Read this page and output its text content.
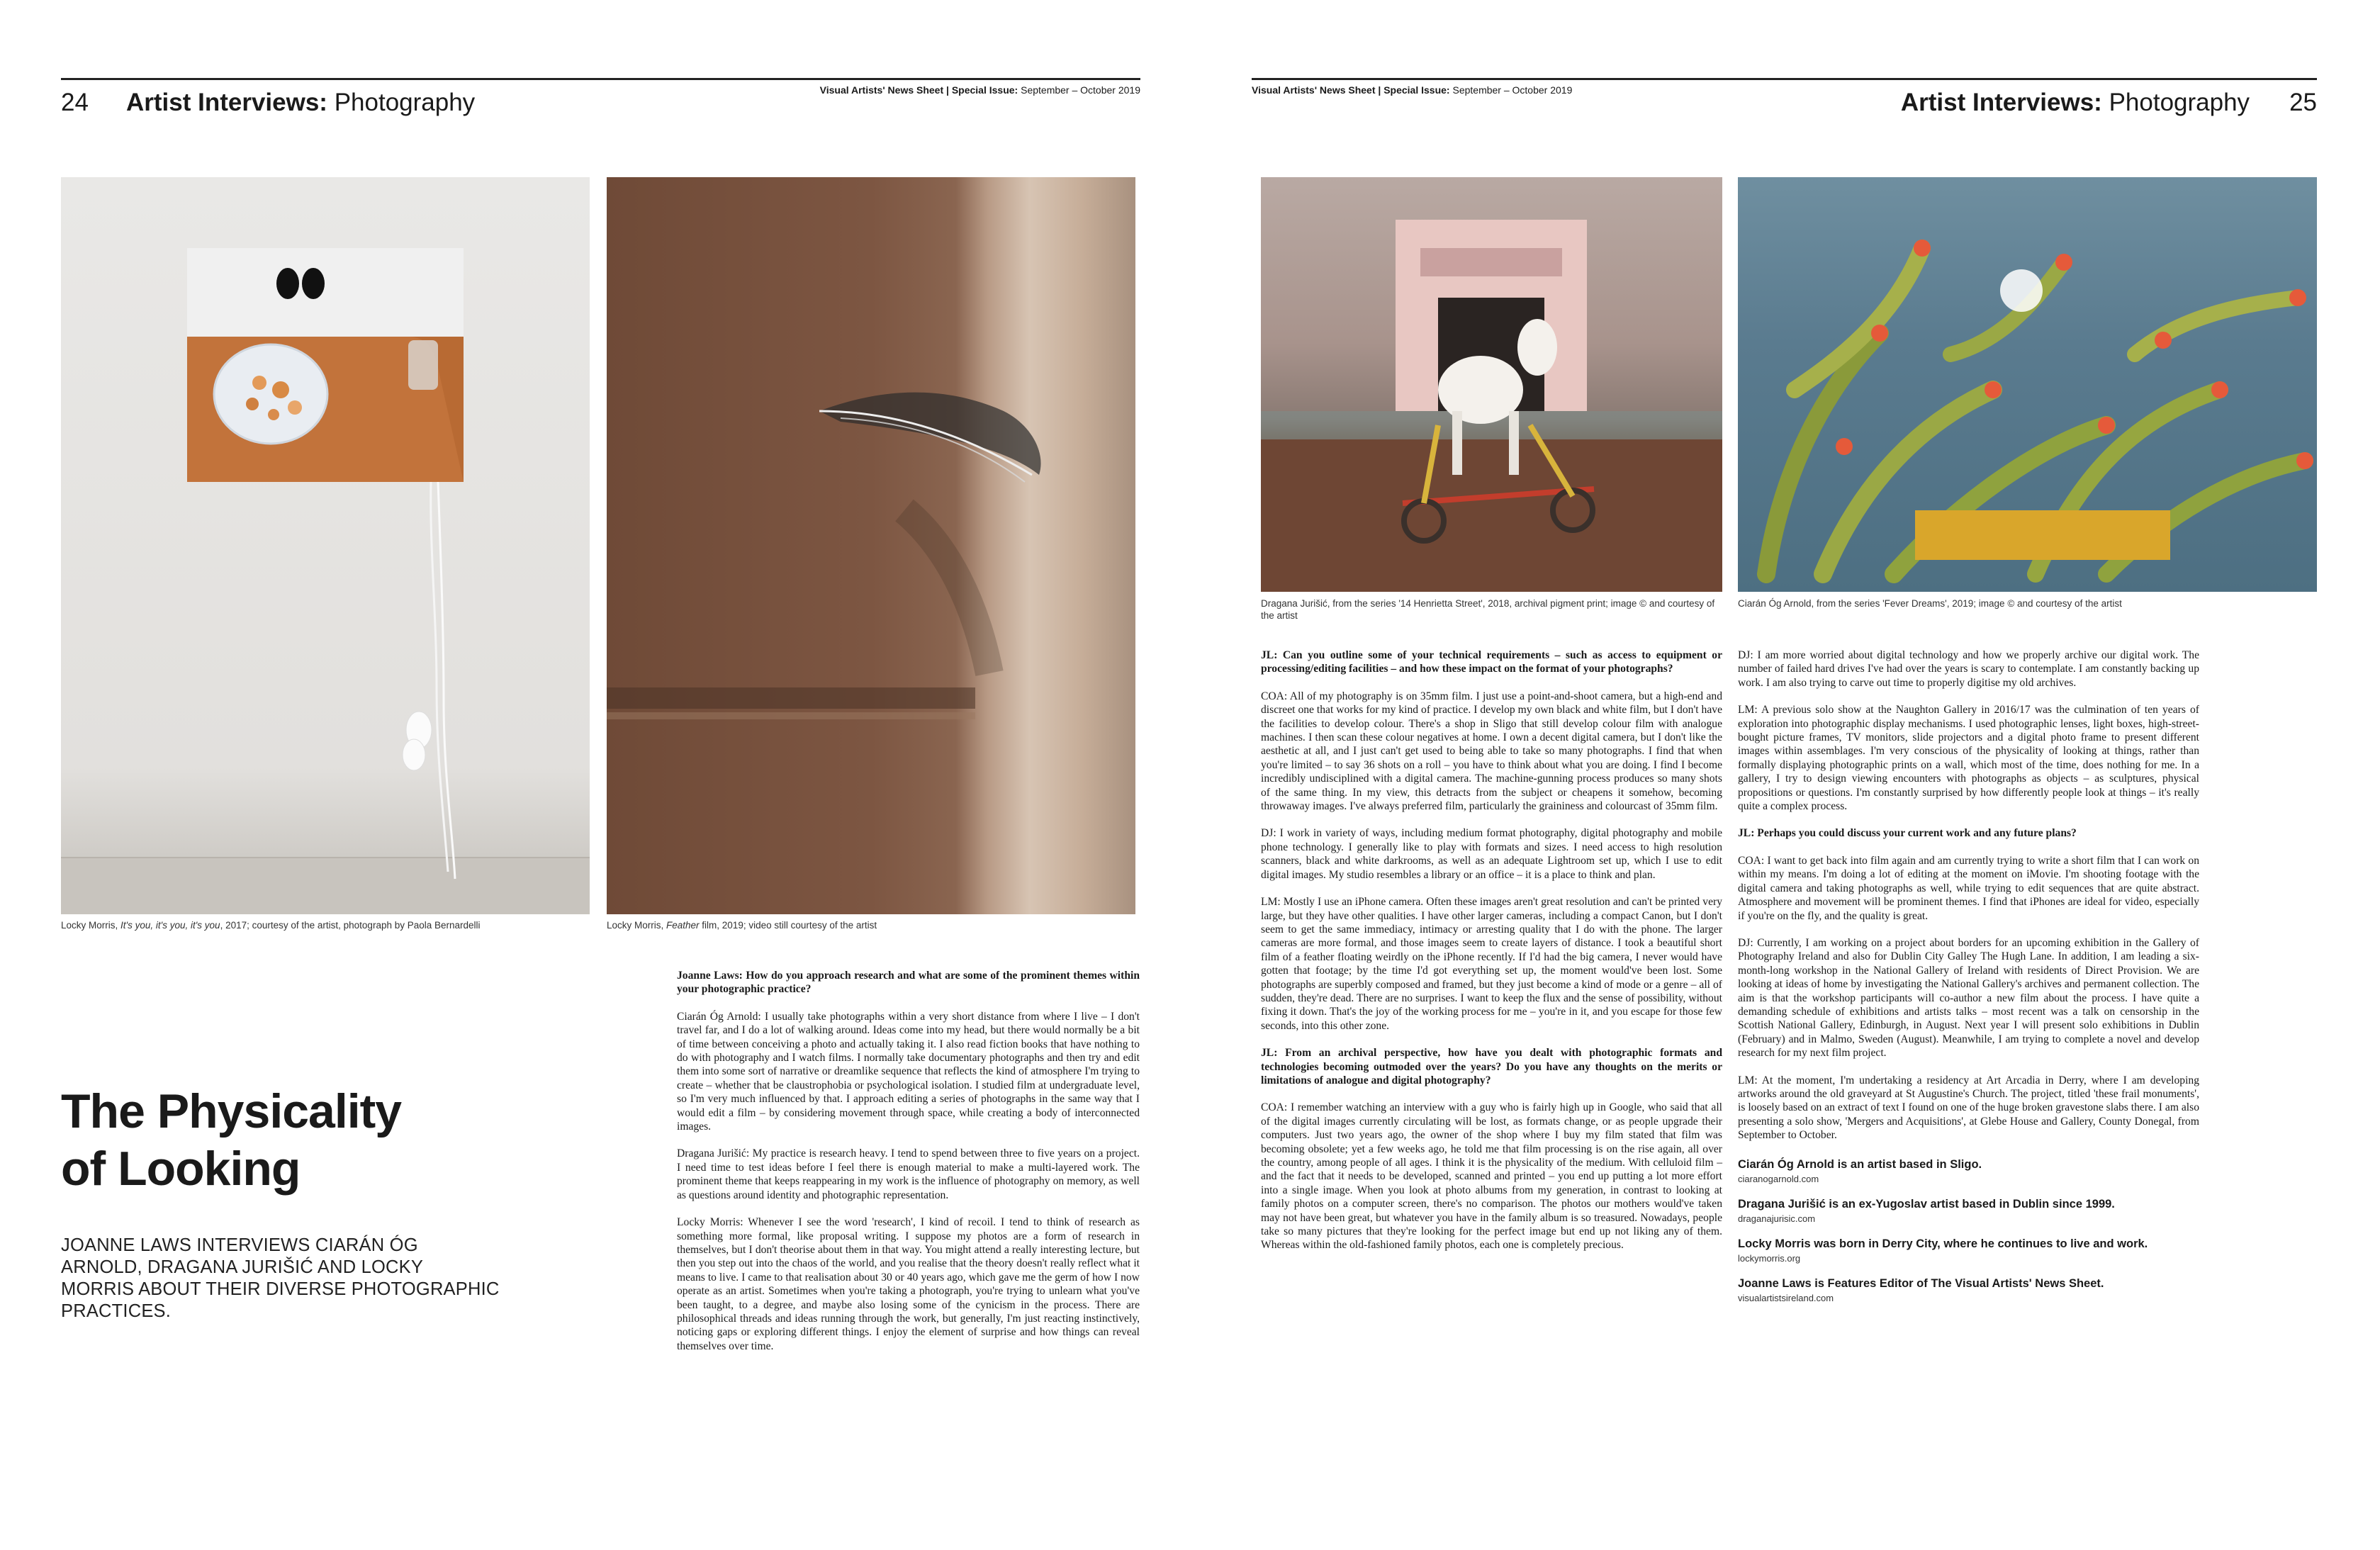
24 Artist Interviews: Photography	Visual Artists' News Sheet | Special Issue: September – October 2019	Visual Artists' News Sheet | Special Issue: September – October 2019	Artist Interviews: Photography 25
Locky Morris, It's you, it's you, it's you, 2017; courtesy of the artist, photograph by Paola Bernardelli	Locky Morris, Feather film, 2019; video still courtesy of the artist
Dragana Jurišić, from the series '14 Henrietta Street', 2018, archival pigment print; image © and courtesy of the artist
Ciarán Óg Arnold, from the series 'Fever Dreams', 2019; image © and courtesy of the artist
The Physicality
of Looking
JOANNE LAWS INTERVIEWS CIARÁN ÓG ARNOLD, DRAGANA JURIŠIĆ AND LOCKY MORRIS ABOUT THEIR DIVERSE PHOTOGRAPHIC PRACTICES.

Joanne Laws: How do you approach research and what are some of the prominent themes within your photographic practice?

Ciarán Óg Arnold: I usually take photographs within a very short distance from where I live – I don't travel far, and I do a lot of walking around. Ideas come into my head, but there would normally be a bit of time between conceiving a photo and actually taking it. I also read fiction books that have nothing to do with photography and I watch films. I normally take documentary photographs and then try and edit them into some sort of narrative or dreamlike sequence that reflects the kind of atmosphere I'm trying to create – whether that be claustrophobia or psychological isolation. I studied film at undergraduate level, so I'm very much influenced by that. I approach editing a series of photographs in the same way that I would edit a film – by considering movement through space, while creating a body of interconnected images.

Dragana Jurišić: My practice is research heavy. I tend to spend between three to five years on a project. I need time to test ideas before I feel there is enough material to make a multi-layered work. The prominent theme that keeps reappearing in my work is the influence of photography on memory, as well as questions around identity and photographic representation.

Locky Morris: Whenever I see the word 'research', I kind of recoil. I tend to think of research as something more formal, like proposal writing. I suppose my photos are a form of research in themselves, but I don't theorise about them in that way. You might attend a really interesting lecture, but then you step out into the chaos of the world, and you realise that the theory doesn't really reflect what it means to live. I came to that realisation about 30 or 40 years ago, which gave me the germ of how I now operate as an artist. Sometimes when you're taking a photograph, you're trying to unlearn what you've been taught, to a degree, and maybe also losing some of the cynicism in the process. There are philosophical threads and ideas running through the work, but generally, I'm just reacting instinctively, noticing gaps or exploring different things. I enjoy the element of surprise and how things can reveal themselves over time.

JL: Can you outline some of your technical requirements – such as access to equipment or processing/editing facilities – and how these impact on the format of your photographs?

COA: All of my photography is on 35mm film. I just use a point-and-shoot camera, but a high-end and discreet one that works for my kind of practice. I develop my own black and white film, but I don't have the facilities to develop colour. There's a shop in Sligo that still develop colour film with analogue machines. I then scan these colour negatives at home. I own a decent digital camera, but I don't like the aesthetic at all, and I just can't get used to being able to take so many photographs. I find that when you're limited – to say 36 shots on a roll – you have to think about what you are doing. I find I become incredibly undisciplined with a digital camera. The machine-gunning process produces so many shots of the same thing. In my view, this detracts from the subject or cheapens it somehow, becoming throwaway images. I've always preferred film, particularly the graininess and colourcast of 35mm film.

DJ: I work in variety of ways, including medium format photography, digital photography and mobile phone technology. I generally like to play with formats and sizes. I need access to high resolution scanners, black and white darkrooms, as well as an adequate Lightroom set up, which I use to edit digital images. My studio resembles a library or an office – it is a place to think and plan.

LM: Mostly I use an iPhone camera. Often these images aren't great resolution and can't be printed very large, but they have other qualities. I have other larger cameras, including a compact Canon, but I don't seem to get the same immediacy, intimacy or arresting quality that I do with the phone. The larger cameras are more formal, and those images seem to create layers of distance. I took a beautiful short film of a feather floating weirdly on the iPhone recently. If I'd had the big camera, I never would have gotten that footage; by the time I'd got everything set up, the moment would've been lost. Some photographs are superbly composed and framed, but they just become a kind of mode or a genre – all of sudden, they're dead. There are no surprises. I want to keep the flux and the sense of possibility, without fixing it down. That's the joy of the working process for me – you're in it, and you escape for those few seconds, into this other zone.

JL: From an archival perspective, how have you dealt with photographic formats and technologies becoming outmoded over the years? Do you have any thoughts on the merits or limitations of analogue and digital photography?

COA: I remember watching an interview with a guy who is fairly high up in Google, who said that all of the digital images currently circulating will be lost, as formats change, or as people upgrade their computers. Just two years ago, the owner of the shop where I buy my film stated that film was becoming obsolete; yet a few weeks ago, he told me that film processing is on the rise again, all over the country, among people of all ages. I think it is the physicality of the medium. With celluloid film – and the fact that it needs to be developed, scanned and printed – you end up putting a lot more effort into a single image. When you look at photo albums from my generation, in contrast to looking at family photos on a computer screen, there's no comparison. The photos our mothers would've taken may not have been great, but whatever you have in the family album is so treasured. Nowadays, people take so many pictures that they're looking for the perfect image but end up not liking any of them. Whereas within the old-fashioned family photos, each one is completely precious.

DJ: I am more worried about digital technology and how we properly archive our digital work. The number of failed hard drives I've had over the years is scary to contemplate. I am constantly backing up work. I am also trying to carve out time to properly digitise my old archives.

LM: A previous solo show at the Naughton Gallery in 2016/17 was the culmination of ten years of exploration into photographic display mechanisms. I used photographic lenses, light boxes, high-street-bought picture frames, TV monitors, slide projectors and a digital photo frame to present different images within assemblages. I'm very conscious of the physicality of looking at things, rather than formally displaying photographic prints on a wall, which most of the time, does nothing for me. In a gallery, I try to design viewing encounters with photographs as objects – as sculptures, physical propositions or questions. I'm constantly surprised by how differently people look at things – it's really quite a complex process.

JL: Perhaps you could discuss your current work and any future plans?

COA: I want to get back into film again and am currently trying to write a short film that I can work on within my means. I'm doing a lot of editing at the moment on iMovie. I'm shooting footage with the digital camera and taking photographs as well, while trying to edit sequences that are quite abstract. Atmosphere and movement will be prominent themes. I find that iPhones are ideal for video, especially if you're on the fly, and the quality is great.

DJ: Currently, I am working on a project about borders for an upcoming exhibition in the Gallery of Photography Ireland and also for Dublin City Galley The Hugh Lane. In addition, I am leading a six-month-long workshop in the National Gallery of Ireland with residents of Direct Provision. We are looking at ideas of home by investigating the National Gallery's archives and permanent collection. The aim is that the workshop participants will co-author a new film about the process. I have quite a demanding schedule of exhibitions and artists talks – most recent was a talk on censorship in the Scottish National Gallery, Edinburgh, in August. Next year I will present solo exhibitions in Dublin (February) and in Malmo, Sweden (August). Meanwhile, I am trying to complete a novel and develop research for my next film project.

LM: At the moment, I'm undertaking a residency at Art Arcadia in Derry, where I am developing artworks around the old graveyard at St Augustine's Church. The project, titled 'these frail monuments', is loosely based on an extract of text I found on one of the huge broken gravestone slabs there. I am also presenting a solo show, 'Mergers and Acquisitions', at Glebe House and Gallery, County Donegal, from September to October.

Ciarán Óg Arnold is an artist based in Sligo.

ciaranogarnold.com

Dragana Jurišić is an ex-Yugoslav artist based in Dublin since 1999.

draganajurisic.com

Locky Morris was born in Derry City, where he continues to live and work.

lockymorris.org

Joanne Laws is Features Editor of The Visual Artists' News Sheet.

visualartistsireland.com
